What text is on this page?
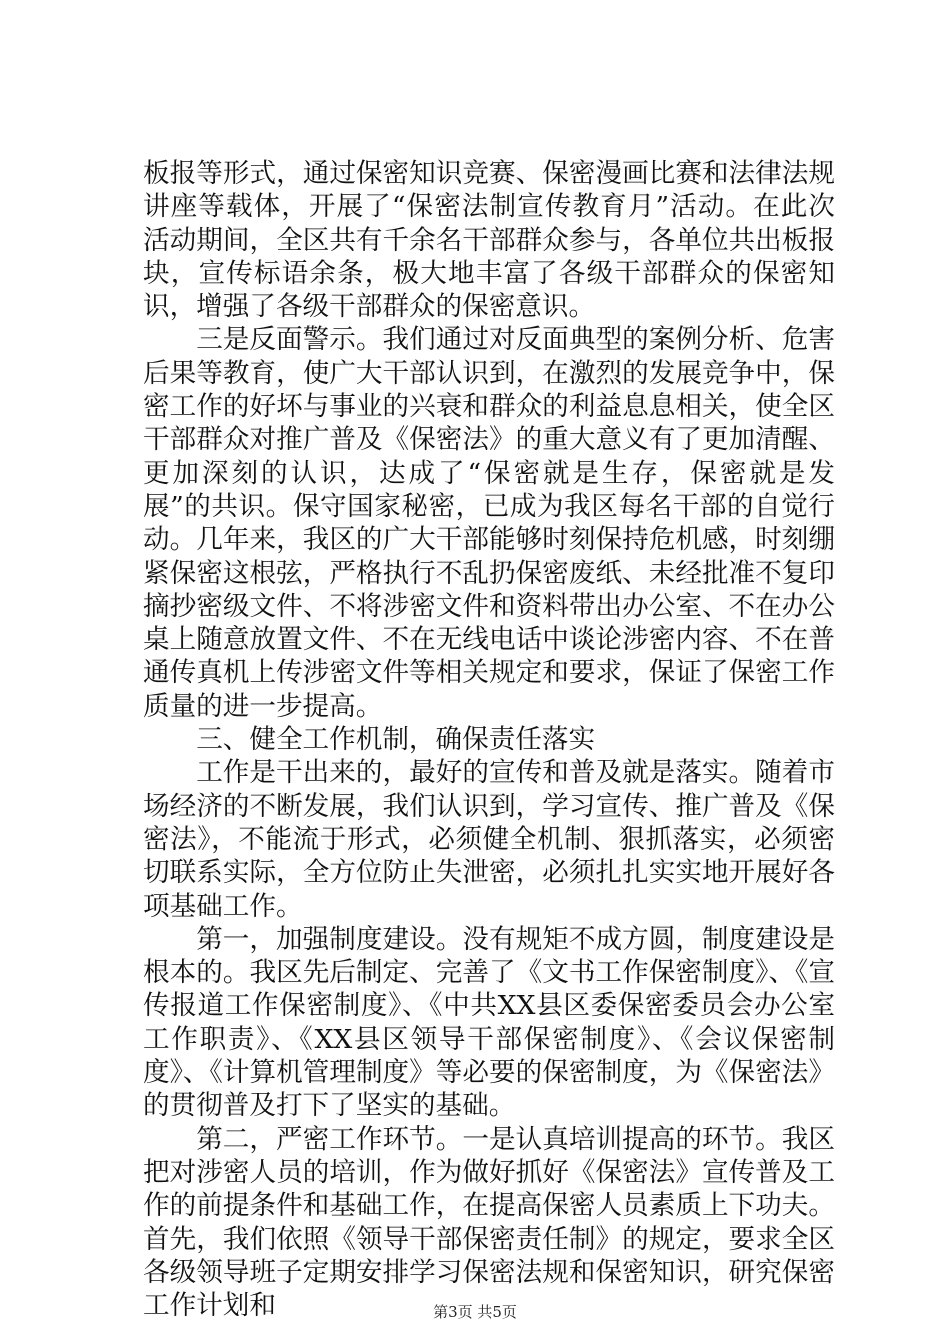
板报等形式，通过保密知识竞赛、保密漫画比赛和法律法规讲座等载体，开展了“保密法制宣传教育月”活动。在此次活动期间，全区共有千余名干部群众参与，各单位共出板报块，宣传标语余条，极大地丰富了各级干部群众的保密知识，增强了各级干部群众的保密意识。

三是反面警示。我们通过对反面典型的案例分析、危害后果等教育，使广大干部认识到，在激烈的发展竞争中，保密工作的好坏与事业的兴衰和群众的利益息息相关，使全区干部群众对推广普及《保密法》的重大意义有了更加清醒、更加深刻的认识，达成了“保密就是生存，保密就是发展”的共识。保守国家秘密，已成为我区每名干部的自觉行动。几年来，我区的广大干部能够时刻保持危机感，时刻绷紧保密这根弦，严格执行不乱扔保密废纸、未经批准不复印摘抄密级文件、不将涉密文件和资料带出办公室、不在办公桌上随意放置文件、不在无线电话中谈论涉密内容、不在普通传真机上传涉密文件等相关规定和要求，保证了保密工作质量的进一步提高。

三、健全工作机制，确保责任落实

工作是干出来的，最好的宣传和普及就是落实。随着市场经济的不断发展，我们认识到，学习宣传、推广普及《保密法》，不能流于形式，必须健全机制、狠抓落实，必须密切联系实际，全方位防止失泄密，必须扎扎实实地开展好各项基础工作。

第一，加强制度建设。没有规矩不成方圆，制度建设是根本的。我区先后制定、完善了《文书工作保密制度》、《宣传报道工作保密制度》、《中共XX县区委保密委员会办公室工作职责》、《XX县区领导干部保密制度》、《会议保密制度》、《计算机管理制度》等必要的保密制度，为《保密法》的贯彻普及打下了坚实的基础。

第二，严密工作环节。一是认真培训提高的环节。我区把对涉密人员的培训，作为做好抓好《保密法》宣传普及工作的前提条件和基础工作，在提高保密人员素质上下功夫。首先，我们依照《领导干部保密责任制》的规定，要求全区各级领导班子定期安排学习保密法规和保密知识，研究保密工作计划和	第3页 共5页
